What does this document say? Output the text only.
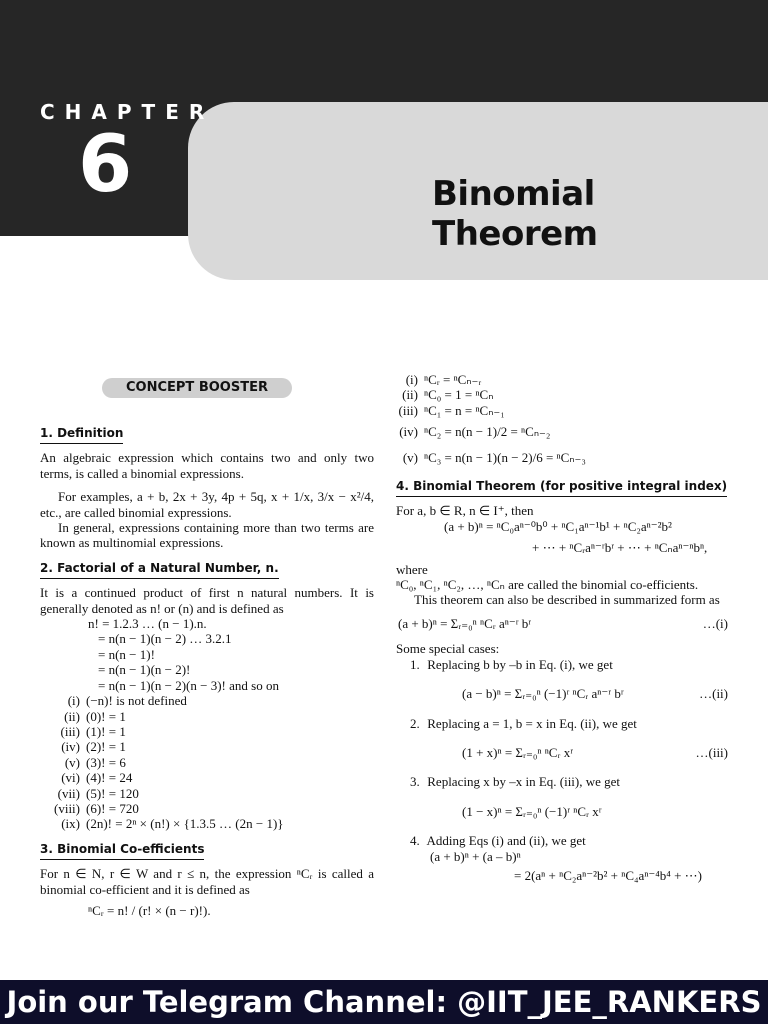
CHAPTER
6	Binomial Theorem
CONCEPT BOOSTER
1. Definition

An algebraic expression which contains two and only two terms, is called a binomial expressions.

For examples, a + b, 2x + 3y, 4p + 5q, x + 1/x, 3/x − x²/4, etc., are called binomial expressions.

In general, expressions containing more than two terms are known as multinomial expressions.

2. Factorial of a Natural Number, n.

It is a continued product of first n natural numbers. It is generally denoted as n! or (n) and is defined as

n! = 1.2.3 … (n − 1).n.
= n(n − 1)(n − 2) … 3.2.1
= n(n − 1)!
= n(n − 1)(n − 2)!
= n(n − 1)(n − 2)(n − 3)! and so on
(i) (−n)! is not defined
(ii) (0)! = 1
(iii) (1)! = 1
(iv) (2)! = 1
(v) (3)! = 6
(vi) (4)! = 24
(vii) (5)! = 120
(viii) (6)! = 720
(ix) (2n)! = 2ⁿ × (n!) × {1.3.5 … (2n − 1)}
3. Binomial Co-efficients

For n ∈ N, r ∈ W and r ≤ n, the expression ⁿCᵣ is called a binomial co-efficient and it is defined as

ⁿCᵣ = n! / (r! × (n − r)!).
(i) ⁿCᵣ = ⁿCₙ₋ᵣ
(ii) ⁿC₀ = 1 = ⁿCₙ
(iii) ⁿC₁ = n = ⁿCₙ₋₁
(iv) ⁿC₂ = n(n − 1)/2 = ⁿCₙ₋₂
(v) ⁿC₃ = n(n − 1)(n − 2)/6 = ⁿCₙ₋₃
4. Binomial Theorem (for positive integral index)

For a, b ∈ R, n ∈ I⁺, then

(a + b)ⁿ = ⁿC₀aⁿ⁻⁰b⁰ + ⁿC₁aⁿ⁻¹b¹ + ⁿC₂aⁿ⁻²b²
+ ⋯ + ⁿCᵣaⁿ⁻ʳbʳ + ⋯ + ⁿCₙaⁿ⁻ⁿbⁿ,

where

ⁿC₀, ⁿC₁, ⁿC₂, …, ⁿCₙ are called the binomial co-efficients.

This theorem can also be described in summarized form as

(a + b)ⁿ = Σᵣ₌₀ⁿ ⁿCᵣ aⁿ⁻ʳ bʳ	…(i)

Some special cases:

1. Replacing b by –b in Eq. (i), we get
(a − b)ⁿ = Σᵣ₌₀ⁿ (−1)ʳ ⁿCᵣ aⁿ⁻ʳ bʳ	…(ii)
2. Replacing a = 1, b = x in Eq. (ii), we get
(1 + x)ⁿ = Σᵣ₌₀ⁿ ⁿCᵣ xʳ	…(iii)
3. Replacing x by –x in Eq. (iii), we get
(1 − x)ⁿ = Σᵣ₌₀ⁿ (−1)ʳ ⁿCᵣ xʳ
4. Adding Eqs (i) and (ii), we get
(a + b)ⁿ + (a – b)ⁿ
= 2(aⁿ + ⁿC₂aⁿ⁻²b² + ⁿC₄aⁿ⁻⁴b⁴ + ⋯)
Join our Telegram Channel: @IIT_JEE_RANKERS
